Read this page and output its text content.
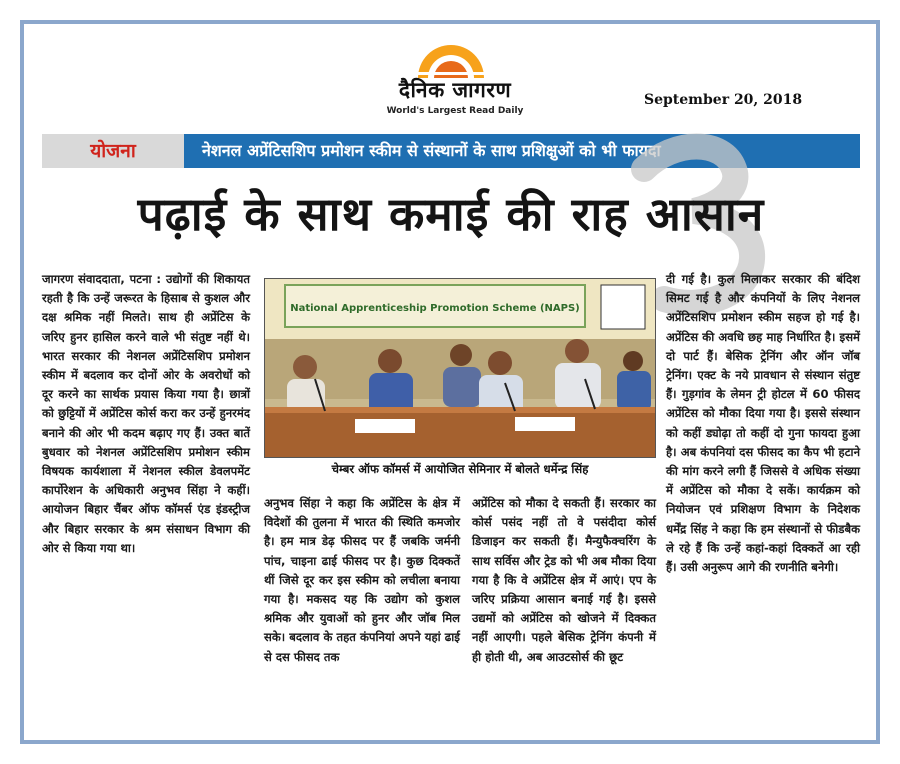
दैनिक जागरण
World's Largest Read Daily
September 20, 2018
योजना	नेशनल अप्रेंटिसशिप प्रमोशन स्कीम से संस्थानों के साथ प्रशिक्षुओं को भी फायदा
पढ़ाई के साथ कमाई की राह आसान

जागरण संवाददाता, पटना : उद्योगों की शिकायत रहती है कि उन्हें जरूरत के हिसाब से कुशल और दक्ष श्रमिक नहीं मिलते। साथ ही अप्रेंटिस के जरिए हुनर हासिल करने वाले भी संतुष्ट नहीं थे। भारत सरकार की नेशनल अप्रेंटिसशिप प्रमोशन स्कीम में बदलाव कर दोनों ओर के अवरोधों को दूर करने का सार्थक प्रयास किया गया है। छात्रों को छुट्टियों में अप्रेंटिस कोर्स करा कर उन्हें हुनरमंद बनाने की ओर भी कदम बढ़ाए गए हैं। उक्त बातें बुधवार को नेशनल अप्रेंटिसशिप प्रमोशन स्कीम विषयक कार्यशाला में नेशनल स्कील डेवलपमेंट कार्पोरेशन के अधिकारी अनुभव सिंहा ने कहीं। आयोजन बिहार चैंबर ऑफ कॉमर्स एंड इंडस्ट्रीज और बिहार सरकार के श्रम संसाधन विभाग की ओर से किया गया था।

National Apprenticeship Promotion Scheme (NAPS)
चेम्बर ऑफ कॉमर्स में आयोजित सेमिनार में बोलते धर्मेन्द्र सिंह

अनुभव सिंहा ने कहा कि अप्रेंटिस के क्षेत्र में विदेशों की तुलना में भारत की स्थिति कमजोर है। हम मात्र डेढ़ फीसद पर हैं जबकि जर्मनी पांच, चाइना ढाई फीसद पर है। कुछ दिक्कतें थीं जिसे दूर कर इस स्कीम को लचीला बनाया गया है। मकसद यह कि उद्योग को कुशल श्रमिक और युवाओं को हुनर और जॉब मिल सके। बदलाव के तहत कंपनियां अपने यहां ढाई से दस फीसद तक

अप्रेंटिस को मौका दे सकती हैं। सरकार का कोर्स पसंद नहीं तो वे पसंदीदा कोर्स डिजाइन कर सकती हैं। मैन्युफैक्चरिंग के साथ सर्विस और ट्रेड को भी अब मौका दिया गया है कि वे अप्रेंटिस क्षेत्र में आएं। एप के जरिए प्रक्रिया आसान बनाई गई है। इससे उद्यमों को अप्रेंटिस को खोजने में दिक्कत नहीं आएगी। पहले बेसिक ट्रेनिंग कंपनी में ही होती थी, अब आउटसोर्स की छूट

दी गई है। कुल मिलाकर सरकार की बंदिश सिमट गई है और कंपनियों के लिए नेशनल अप्रेंटिसशिप प्रमोशन स्कीम सहज हो गई है। अप्रेंटिस की अवधि छह माह निर्धारित है। इसमें दो पार्ट हैं। बेसिक ट्रेनिंग और ऑन जॉब ट्रेनिंग। एक्ट के नये प्रावधान से संस्थान संतुष्ट हैं। गुड़गांव के लेमन ट्री होटल में 60 फीसद अप्रेंटिस को मौका दिया गया है। इससे संस्थान को कहीं ड्योढ़ा तो कहीं दो गुना फायदा हुआ है। अब कंपनियां दस फीसद का कैप भी हटाने की मांग करने लगी हैं जिससे वे अधिक संख्या में अप्रेंटिस को मौका दे सकें। कार्यक्रम को नियोजन एवं प्रशिक्षण विभाग के निदेशक धर्मेंद्र सिंह ने कहा कि हम संस्थानों से फीडबैक ले रहे हैं कि उन्हें कहां-कहां दिक्कतें आ रही हैं। उसी अनुरूप आगे की रणनीति बनेगी।
